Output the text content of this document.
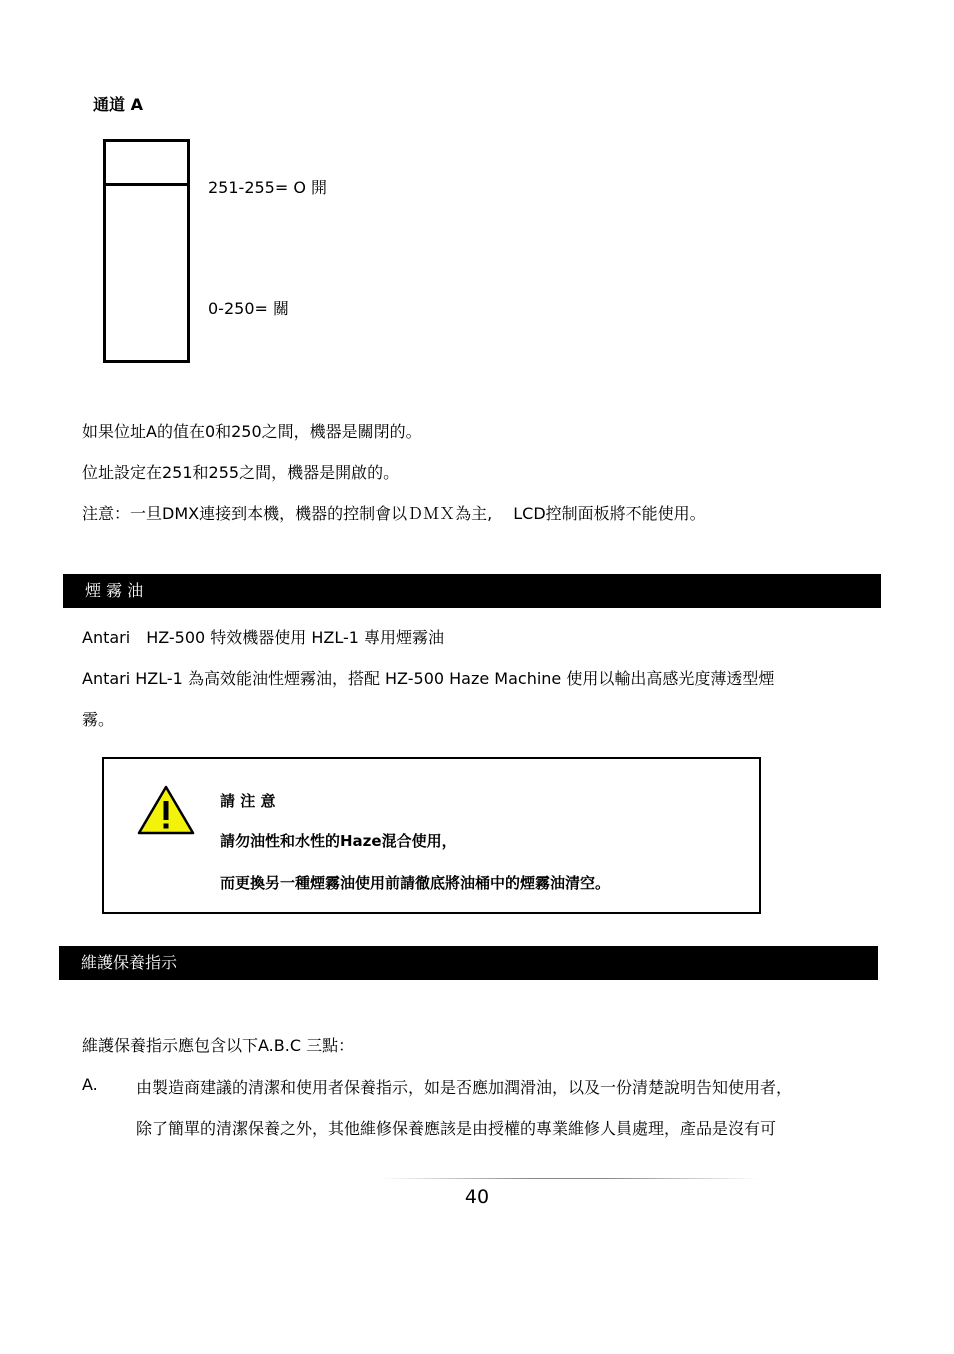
通道 A
251-255= O 開
0-250= 關
如果位址A的值在0和250之間，機器是關閉的。
位址設定在251和255之間，機器是開啟的。
注意：一旦DMX連接到本機，機器的控制會以ＤＭＸ為主,　 LCD控制面板將不能使用。
煙 霧 油
Antari　HZ-500 特效機器使用 HZL-1 專用煙霧油
Antari HZL-1 為高效能油性煙霧油，搭配 HZ-500 Haze Machine 使用以輸出高感光度薄透型煙
霧。
請 注 意
請勿油性和水性的Haze混合使用，
而更換另一種煙霧油使用前請徹底將油桶中的煙霧油清空。
維護保養指示
維護保養指示應包含以下A.B.C 三點：
A. 由製造商建議的清潔和使用者保養指示，如是否應加潤滑油，以及一份清楚說明告知使用者，
除了簡單的清潔保養之外，其他維修保養應該是由授權的專業維修人員處理，產品是沒有可
40
